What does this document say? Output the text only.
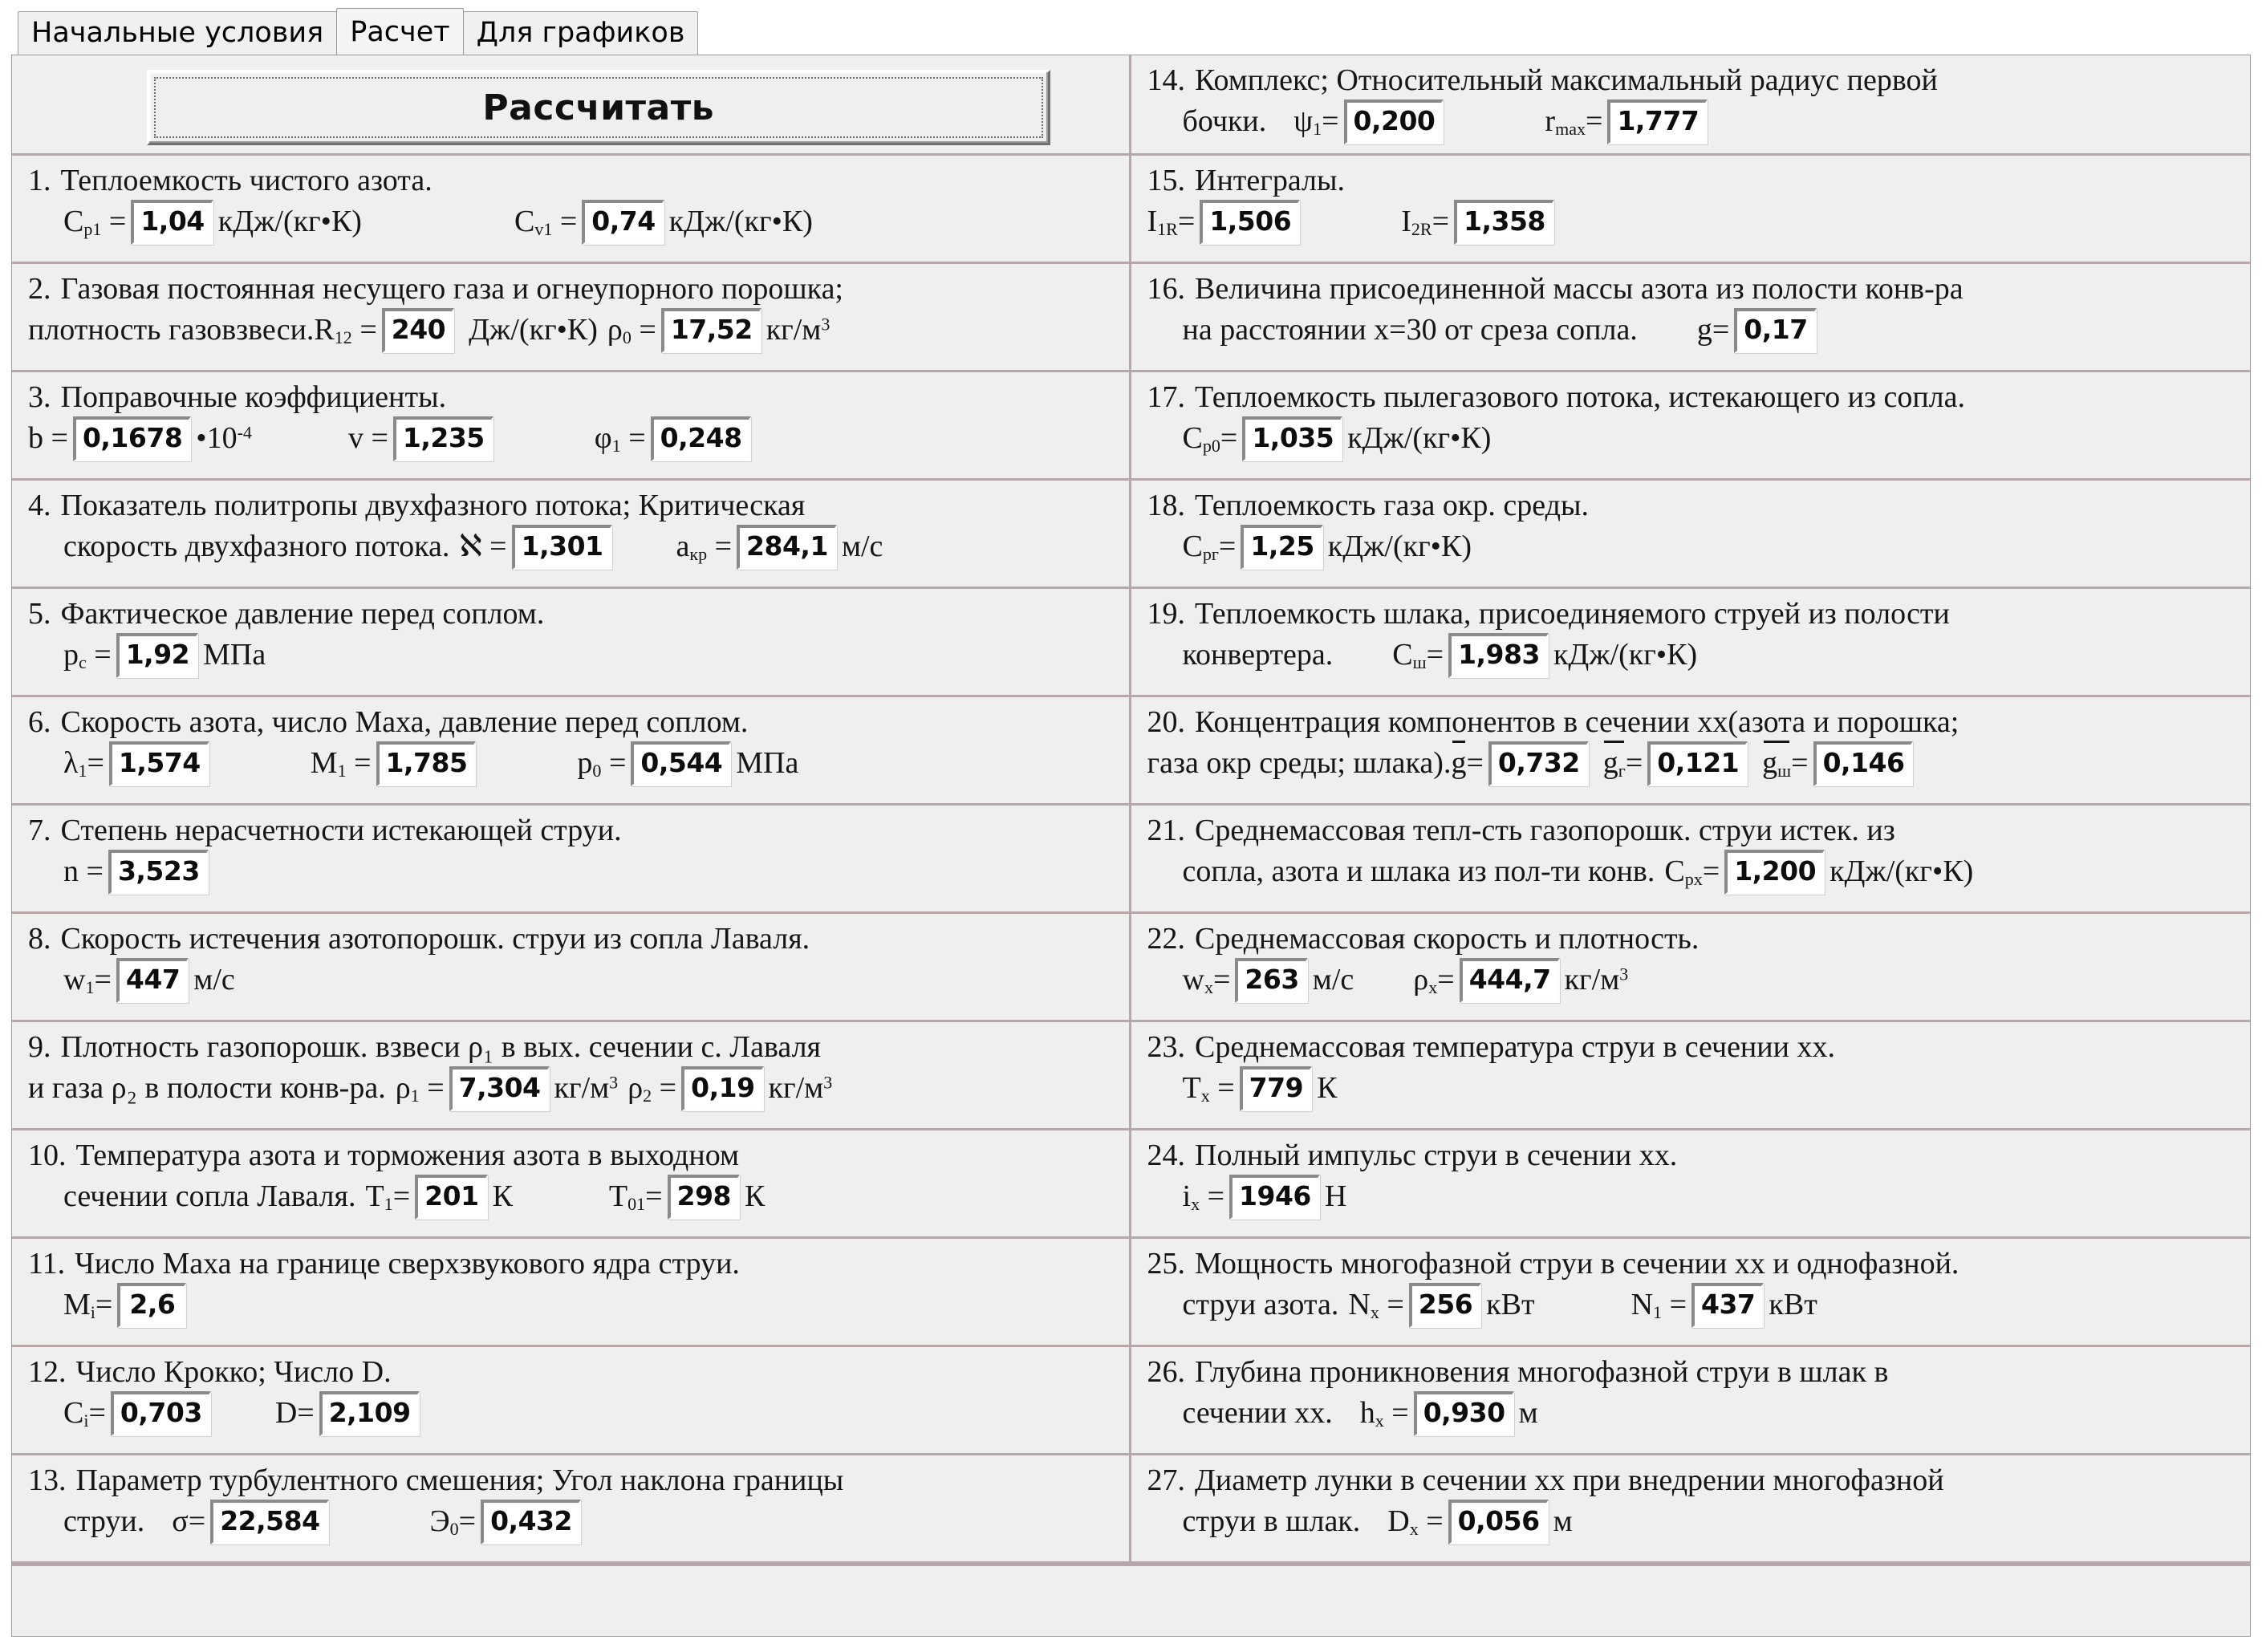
Начальные условия Расчет Для графиков
Рассчитать
1. Теплоемкость чистого азота.
$C_{p1} = 1,04$ кДж/(кг•К)	$C_{v1} = 0,74$ кДж/(кг•К)
2. Газовая постоянная несущего газа и огнеупорного порошка;
плотность газовзвеси. $R_{12} = 240$ Дж/(кг•К) $\rho_0 = 17,52$ $кг/м^3$
3. Поправочные коэффициенты.
b = 0,1678 $•10^{-4}$	v = 1,235	$\varphi_1 = 0,248$
4. Показатель политропы двухфазного потока; Критическая
скорость двухфазного потока. ℵ = 1,301 $a_{кр} = 284,1$ м/с
5. Фактическое давление перед соплом.
$p_с = 1,92$ МПа
6. Скорость азота, число Маха, давление перед соплом.
$\lambda_1= 1,574$	$M_1 = 1,785$	$p_0 = 0,544$ МПа
7. Степень нерасчетности истекающей струи.
n = 3,523
8. Скорость истечения азотопорошк. струи из сопла Лаваля.
$w_1= 447$ м/с
9. Плотность газопорошк. взвеси ρ₁ в вых. сечении с. Лаваля
и газа ρ₂ в полости конв-ра. $\rho_1 = 7,304$ $кг/м^3$ $\rho_2 = 0,19$ $кг/м^3$
10. Температура азота и торможения азота в выходном
сечении сопла Лаваля. $T_1= 201$ К	$T_{01}= 298$ К
11. Число Маха на границе сверхзвукового ядра струи.
$M_i= 2,6$
12. Число Крокко; Число D.
$C_i= 0,703$ D= 2,109
13. Параметр турбулентного смешения; Угол наклона границы
струи. σ= 22,584	$Э_0= 0,432$
14. Комплекс; Относительный максимальный радиус первой
бочки. $\psi_1= 0,200$	$r_{max}= 1,777$
15. Интегралы.
$I_{1R}= 1,506$	$I_{2R}= 1,358$
16. Величина присоединенной массы азота из полости конв-ра
на расстоянии x=30 от среза сопла. g= 0,17
17. Теплоемкость пылегазового потока, истекающего из сопла.
$C_{p0}= 1,035$ кДж/(кг•К)
18. Теплоемкость газа окр. среды.
$C_{pг}= 1,25$ кДж/(кг•К)
19. Теплоемкость шлака, присоединяемого струей из полости
конвертера. $C_ш= 1,983$ кДж/(кг•К)
20. Концентрация компонентов в сечении хх(азота и порошка;
газа окр среды; шлака). g = 0,732 $g_г = 0,121$ $g_ш = 0,146$
21. Среднемассовая тепл-сть газопорошк. струи истек. из
сопла, азота и шлака из пол-ти конв. $C_{px}= 1,200$ кДж/(кг•К)
22. Среднемассовая скорость и плотность.
$w_x= 263$ м/с $\rho_x= 444,7$ $кг/м^3$
23. Среднемассовая температура струи в сечении хх.
$T_x = 779$ К
24. Полный импульс струи в сечении хх.
$i_x = 1946$ Н
25. Мощность многофазной струи в сечении хх и однофазной.
струи азота. $N_x = 256$ кВт	$N_1 = 437$ кВт
26. Глубина проникновения многофазной струи в шлак в
сечении хх. $h_x = 0,930$ м
27. Диаметр лунки в сечении хх при внедрении многофазной
струи в шлак. $D_x = 0,056$ м
